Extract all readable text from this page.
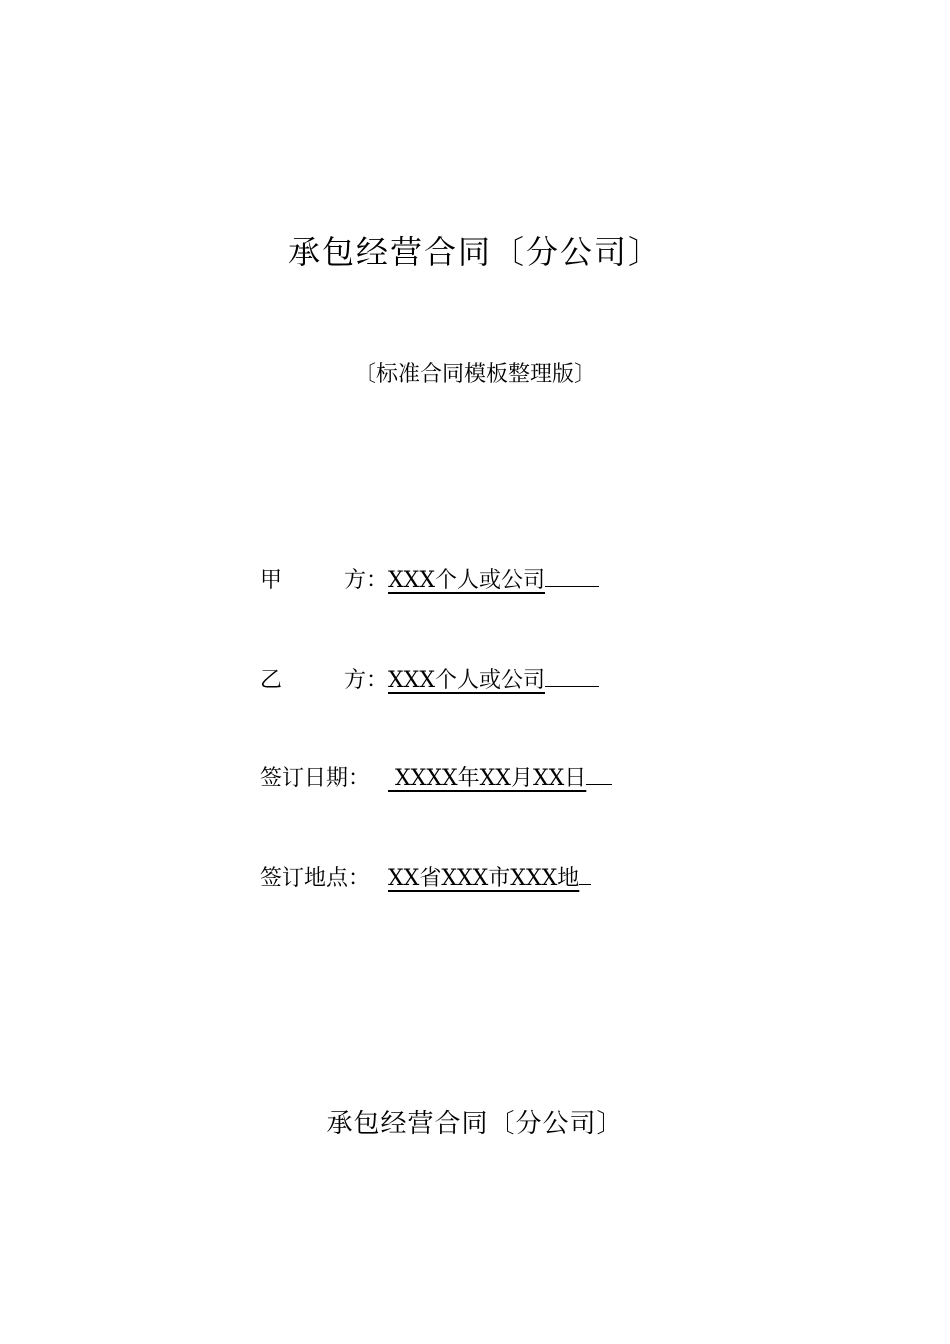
承包经营合同〔分公司〕
〔标准合同模板整理版〕
甲	方： XXX个人或公司
乙	方： XXX个人或公司
签订日期： XXXX年XX月XX日
签订地点： XX省XXX市XXX地
承包经营合同〔分公司〕
